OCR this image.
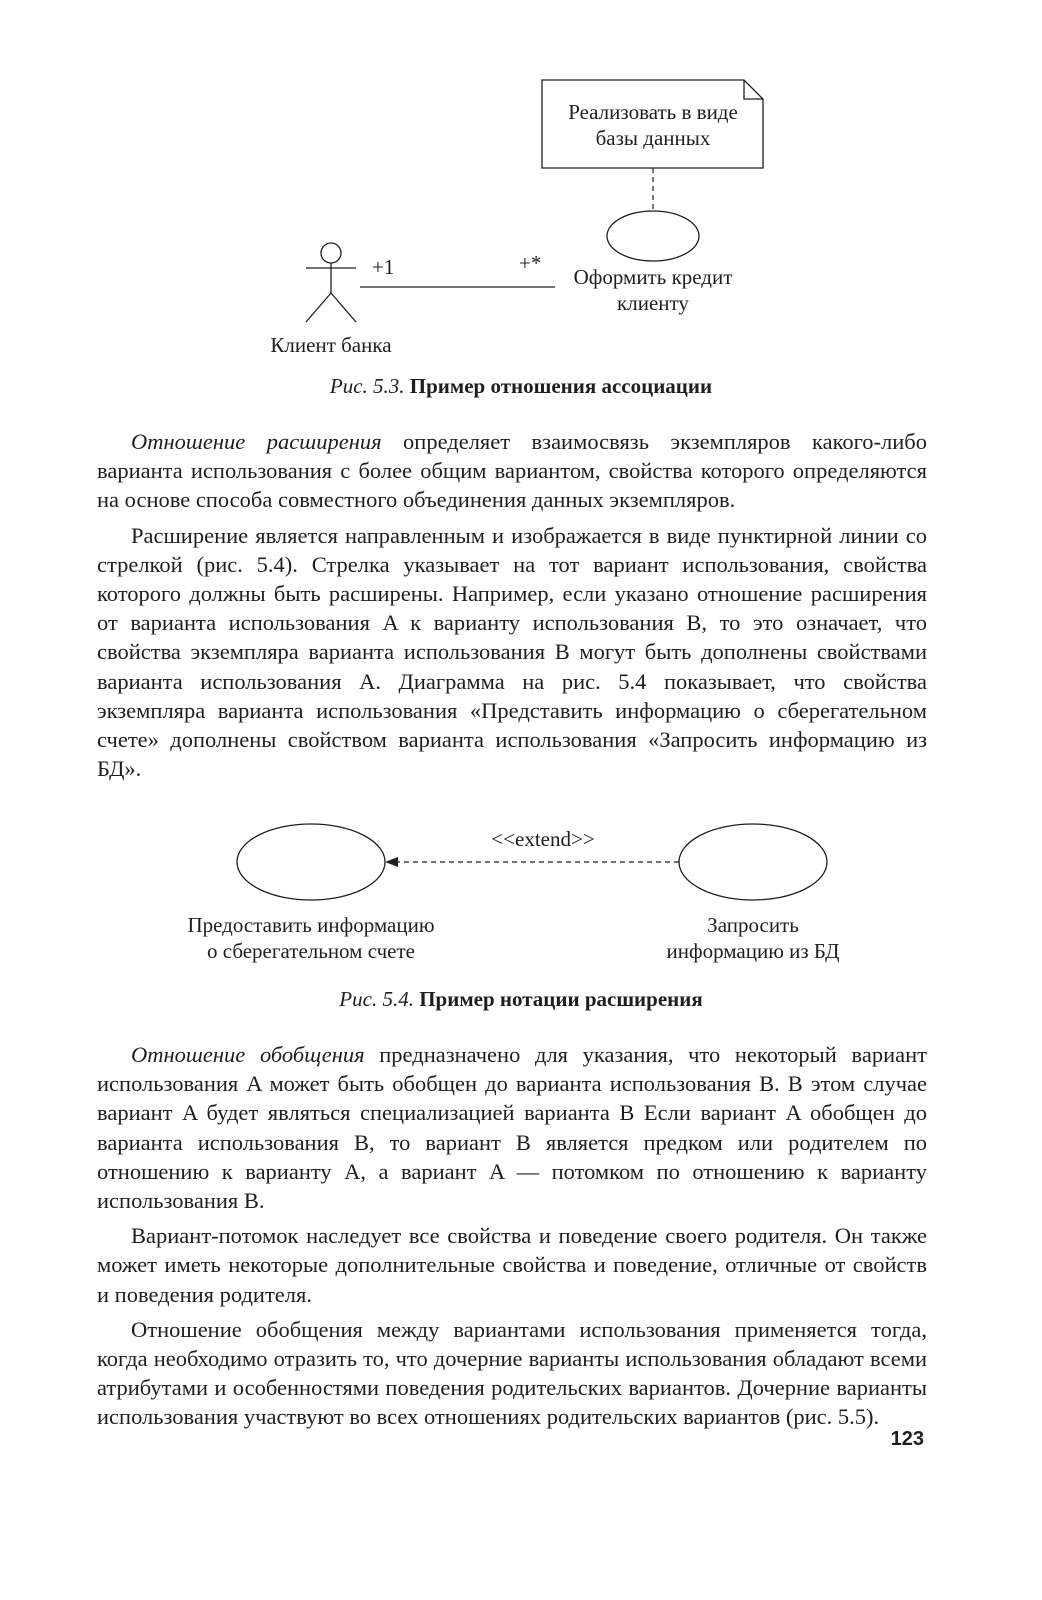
Реализовать в виде
базы данных
Оформить кредит
клиенту
Клиент банка
+1	+*
Рис. 5.3. Пример отношения ассоциации

Отношение расширения определяет взаимосвязь экземпляров какого-либо варианта использования с более общим вариантом, свойства которого определяются на основе способа совместного объединения данных экземпляров.

Расширение является направленным и изображается в виде пунктирной линии со стрелкой (рис. 5.4). Стрелка указывает на тот вариант использования, свойства которого должны быть расширены. Например, если указано отношение расширения от варианта использования A к варианту использования B, то это означает, что свойства экземпляра варианта использования B могут быть дополнены свойствами варианта использования A. Диаграмма на рис. 5.4 показывает, что свойства экземпляра варианта использования «Представить информацию о сберегательном счете» дополнены свойством варианта использования «Запросить информацию из БД».

<<extend>>
Предоставить информацию
о сберегательном счете
Запросить
информацию из БД
Рис. 5.4. Пример нотации расширения

Отношение обобщения предназначено для указания, что некоторый вариант использования A может быть обобщен до варианта использования B. В этом случае вариант A будет являться специализацией варианта B Если вариант A обобщен до варианта использования B, то вариант B является предком или родителем по отношению к варианту A, а вариант A — потомком по отношению к варианту использования B.

Вариант-потомок наследует все свойства и поведение своего родителя. Он также может иметь некоторые дополнительные свойства и поведение, отличные от свойств и поведения родителя.

Отношение обобщения между вариантами использования применяется тогда, когда необходимо отразить то, что дочерние варианты использования обладают всеми атрибутами и особенностями поведения родительских вариантов. Дочерние варианты использования участвуют во всех отношениях родительских вариантов (рис. 5.5).

123
